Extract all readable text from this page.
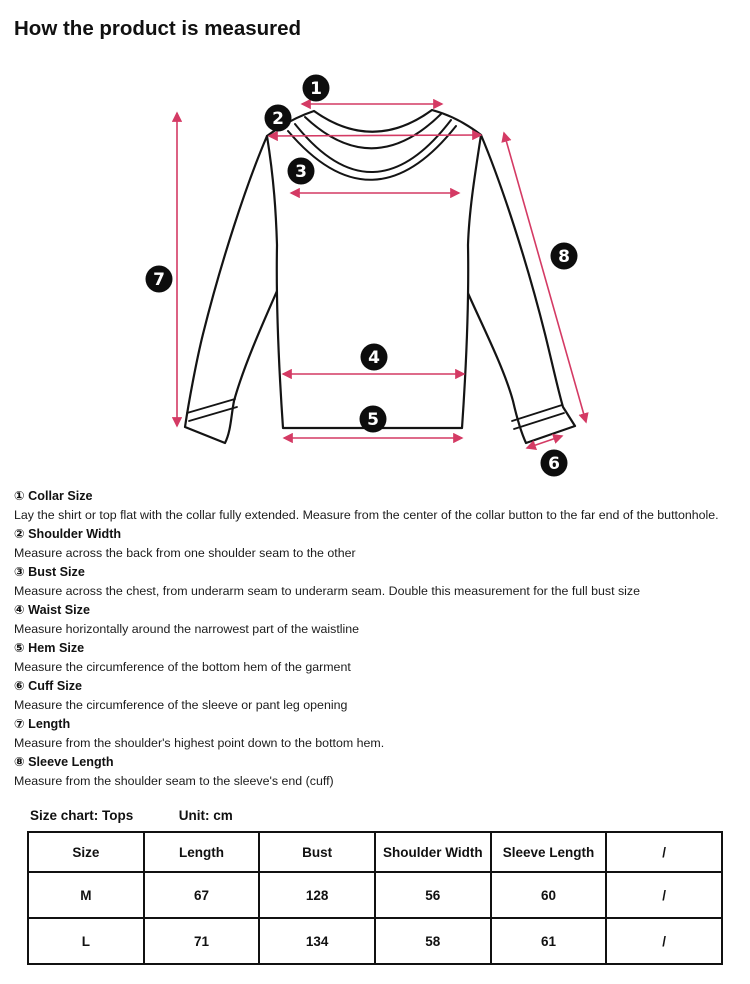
How the product is measured
1
2
3
4
5
6
7
8
① Collar Size

Lay the shirt or top flat with the collar fully extended. Measure from the center of the collar button to the far end of the buttonhole.

② Shoulder Width

Measure across the back from one shoulder seam to the other

③ Bust Size

Measure across the chest, from underarm seam to underarm seam. Double this measurement for the full bust size

④ Waist Size

Measure horizontally around the narrowest part of the waistline

⑤ Hem Size

Measure the circumference of the bottom hem of the garment

⑥ Cuff Size

Measure the circumference of the sleeve or pant leg opening

⑦ Length

Measure from the shoulder's highest point down to the bottom hem.

⑧ Sleeve Length

Measure from the shoulder seam to the sleeve's end (cuff)

Size chart: Tops	Unit: cm
Size	Length	Bust	Shoulder Width	Sleeve Length	/
M	67	128	56	60	/
L	71	134	58	61	/
